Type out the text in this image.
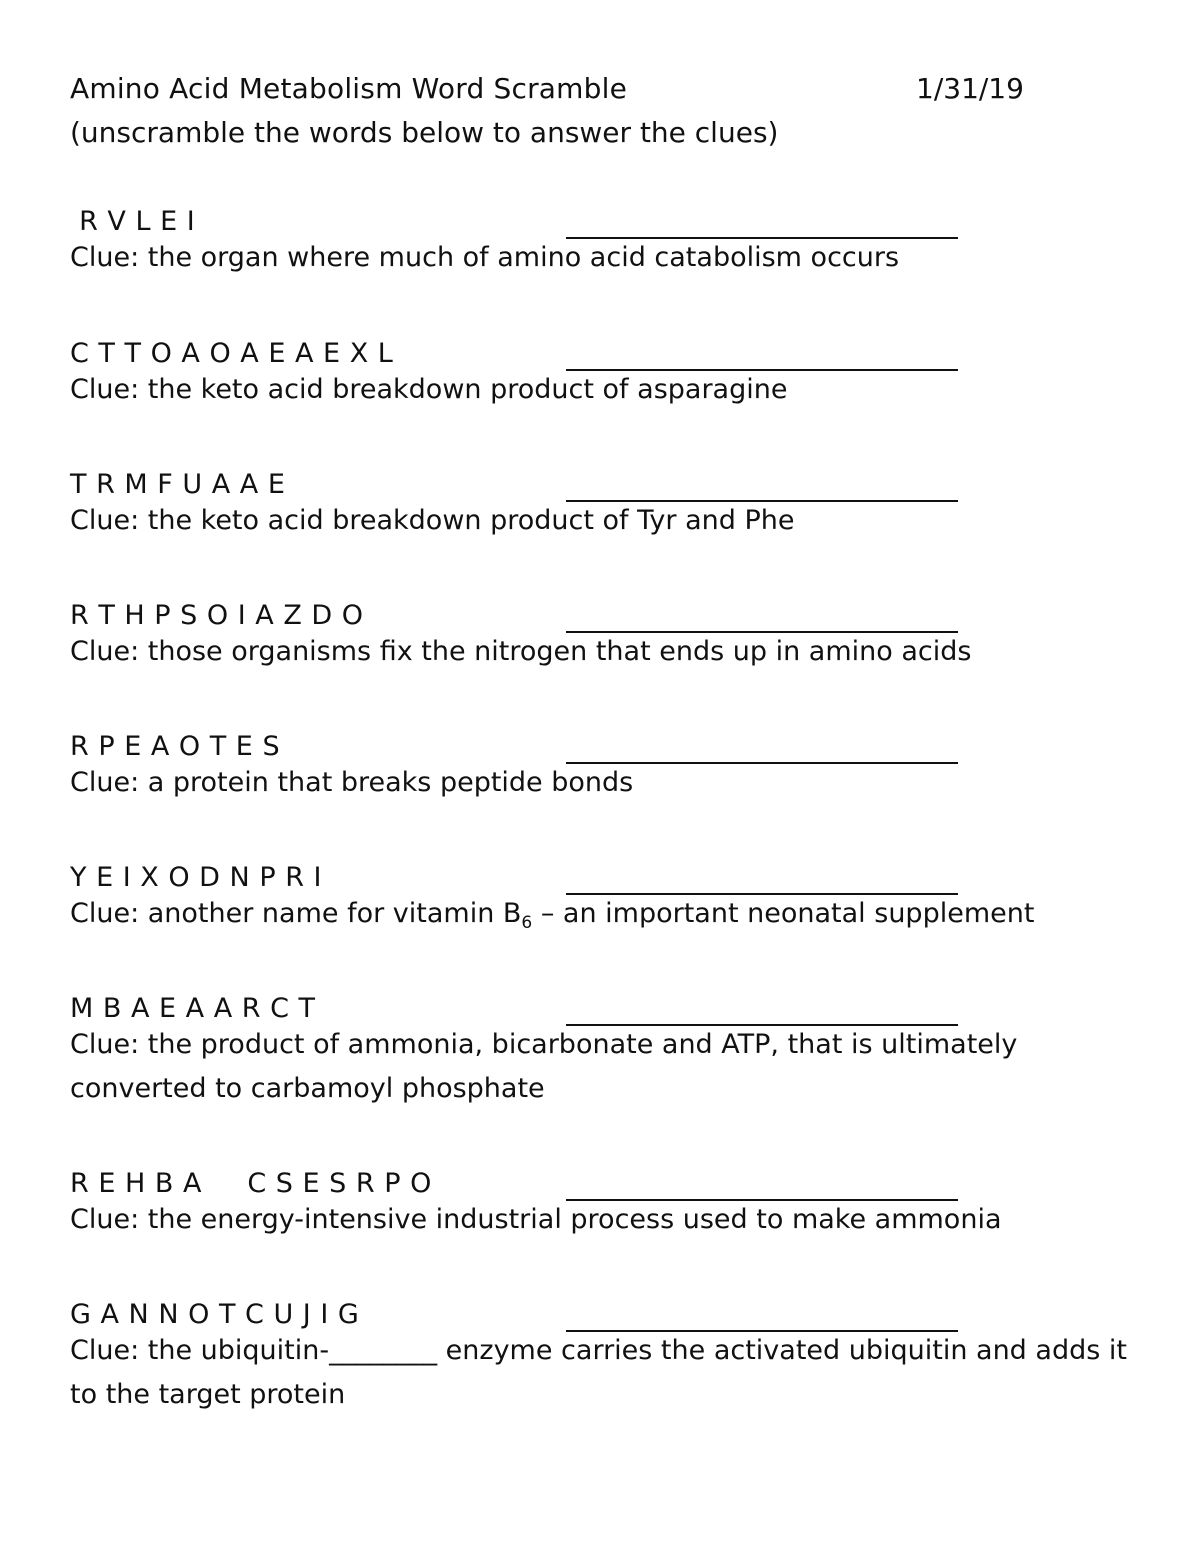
Amino Acid Metabolism Word Scramble	1/31/19
(unscramble the words below to answer the clues)
R V L E I
Clue: the organ where much of amino acid catabolism occurs
C T T O A O A E A E X L
Clue: the keto acid breakdown product of asparagine
T R M F U A A E
Clue: the keto acid breakdown product of Tyr and Phe
R T H P S O I A Z D O
Clue: those organisms fix the nitrogen that ends up in amino acids
R P E A O T E S
Clue: a protein that breaks peptide bonds
Y E I X O D N P R I
Clue: another name for vitamin $B_6$ – an important neonatal supplement
M B A E A A R C T
Clue: the product of ammonia, bicarbonate and ATP, that is ultimately converted to carbamoyl phosphate
R E H B A     C S E S R P O
Clue: the energy-intensive industrial process used to make ammonia
G A N N O T C U J I G
Clue: the ubiquitin-________ enzyme carries the activated ubiquitin and adds it to the target protein
